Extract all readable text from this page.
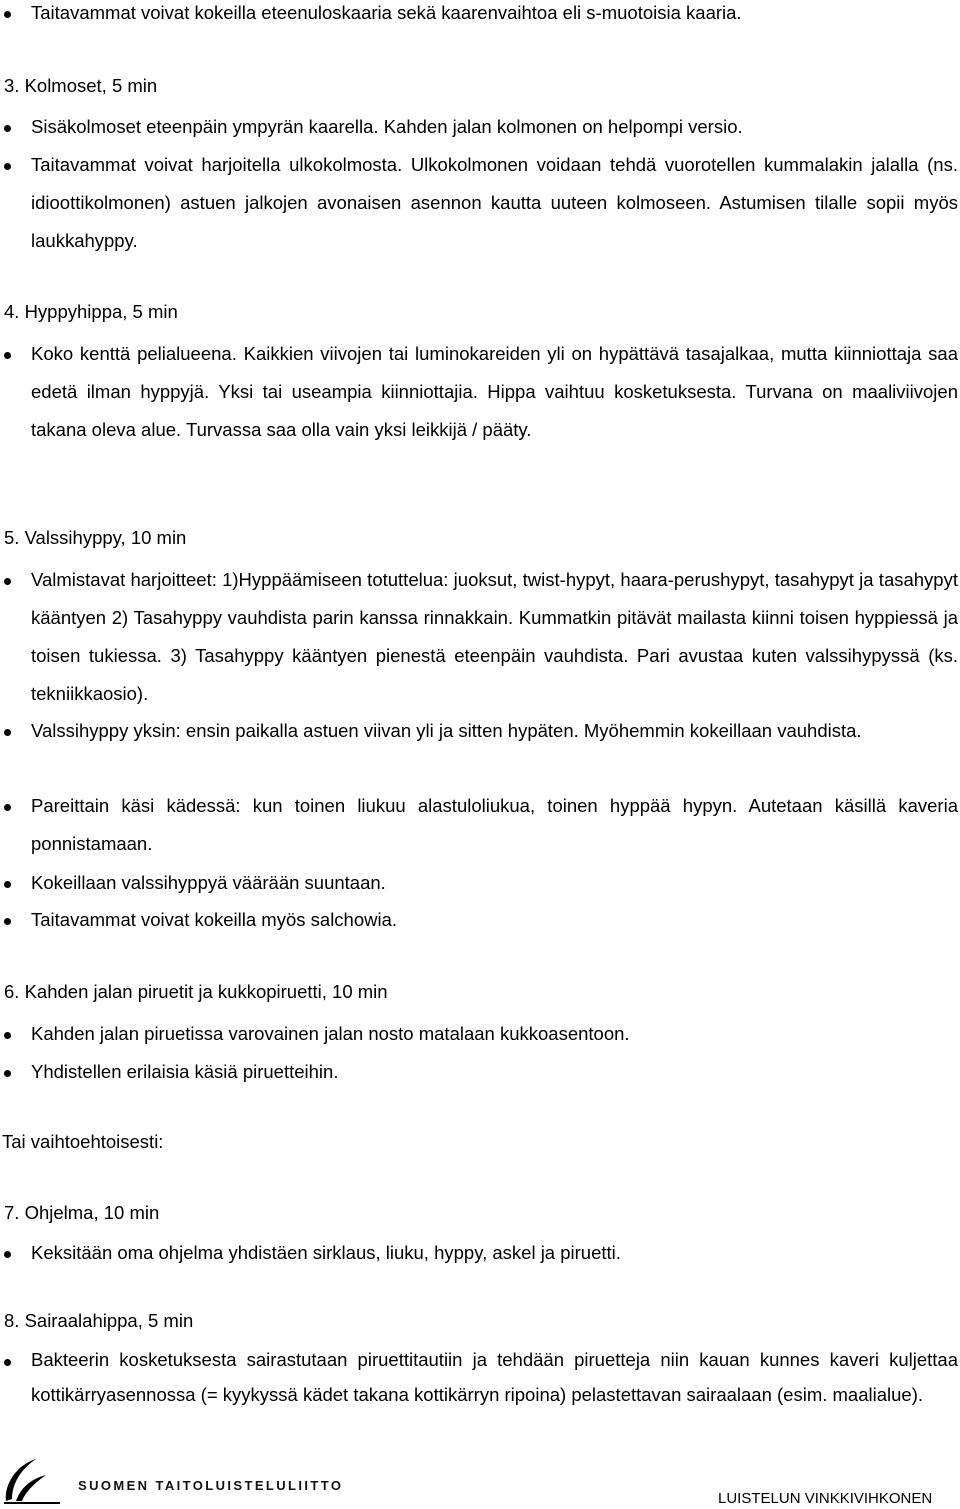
Taitavammat voivat kokeilla eteenuloskaaria sekä kaarenvaihtoa eli s-muotoisia kaaria.
3. Kolmoset, 5 min
Sisäkolmoset eteenpäin ympyrän kaarella. Kahden jalan kolmonen on helpompi versio.
Taitavammat voivat harjoitella ulkokolmosta. Ulkokolmonen voidaan tehdä vuorotellen kummalakin jalalla (ns. idioottikolmonen) astuen jalkojen avonaisen asennon kautta uuteen kolmoseen. Astumisen tilalle sopii myös laukkahyppy.
4. Hyppyhippa, 5 min
Koko kenttä pelialueena. Kaikkien viivojen tai luminokareiden yli on hypättävä tasajalkaa, mutta kiinniottaja saa edetä ilman hyppyjä. Yksi tai useampia kiinniottajia. Hippa vaihtuu kosketuksesta. Turvana on maaliviivojen takana oleva alue. Turvassa saa olla vain yksi leikkijä / pääty.
5. Valssihyppy, 10 min
Valmistavat harjoitteet: 1)Hyppäämiseen totuttelua: juoksut, twist-hypyt, haara-perushypyt, tasahypyt ja tasahypyt kääntyen 2) Tasahyppy vauhdista parin kanssa rinnakkain. Kummatkin pitävät mailasta kiinni toisen hyppiessä ja toisen tukiessa. 3) Tasahyppy kääntyen pienestä eteenpäin vauhdista. Pari avustaa kuten valssihypyssä (ks. tekniikkaosio).
Valssihyppy yksin: ensin paikalla astuen viivan yli ja sitten hypäten. Myöhemmin kokeillaan vauhdista.
Pareittain käsi kädessä: kun toinen liukuu alastuloliukua, toinen hyppää hypyn. Autetaan käsillä kaveria ponnistamaan.
Kokeillaan valssihyppyä väärään suuntaan.
Taitavammat voivat kokeilla myös salchowia.
6. Kahden jalan piruetit ja kukkopiruetti, 10 min
Kahden jalan piruetissa varovainen jalan nosto matalaan kukkoasentoon.
Yhdistellen erilaisia käsiä piruetteihin.
Tai vaihtoehtoisesti:
7. Ohjelma, 10 min
Keksitään oma ohjelma yhdistäen sirklaus, liuku, hyppy, askel ja piruetti.
8. Sairaalahippa, 5 min
Bakteerin kosketuksesta sairastutaan piruettitautiin ja tehdään piruetteja niin kauan kunnes kaveri kuljettaa kottikärryasennossa (= kyykyssä kädet takana kottikärryn ripoina) pelastettavan sairaalaan (esim. maalialue).
SUOMEN TAITOLUISTELULIITTO
LUISTELUN VINKKIVIHKONEN
